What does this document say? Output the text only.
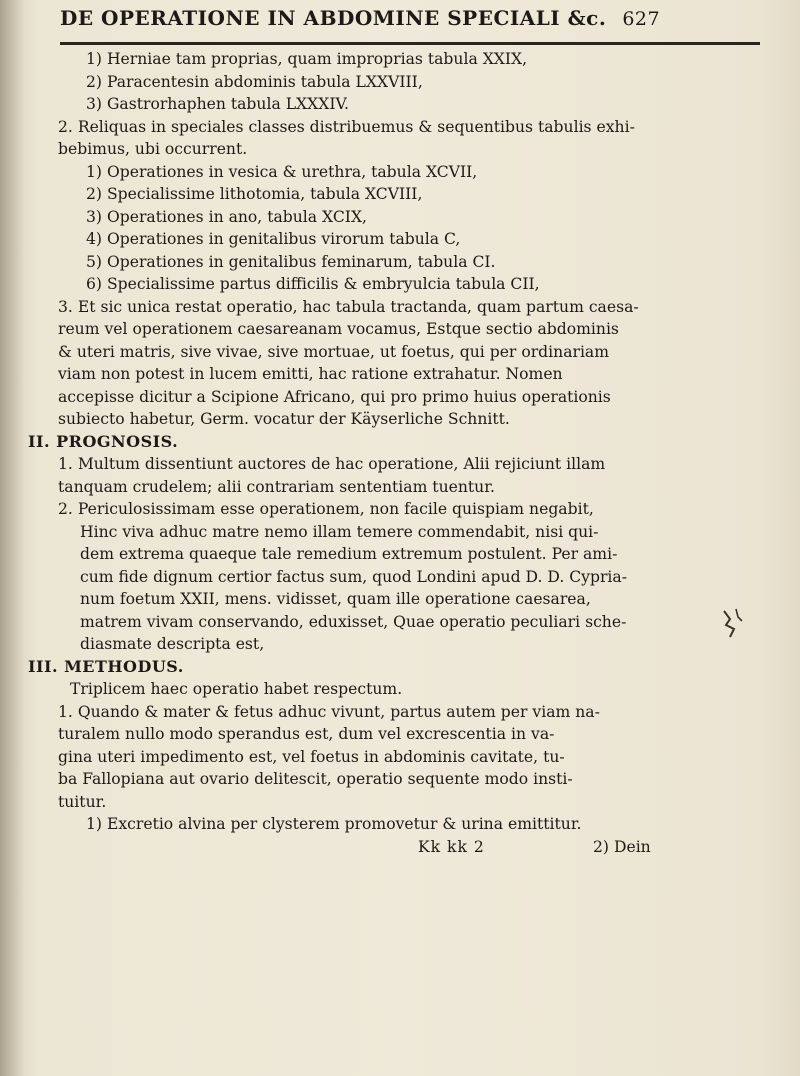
DE OPERATIONE IN ABDOMINE SPECIALI &c. 627
1) Herniae tam proprias, quam improprias tabula XXIX,
2) Paracentesin abdominis tabula LXXVIII,
3) Gastrorhaphen tabula LXXXIV.
2. Reliquas in speciales classes distribuemus & sequentibus tabulis exhi-
bebimus, ubi occurrent.
1) Operationes in vesica & urethra, tabula XCVII,
2) Specialissime lithotomia, tabula XCVIII,
3) Operationes in ano, tabula XCIX,
4) Operationes in genitalibus virorum tabula C,
5) Operationes in genitalibus feminarum, tabula CI.
6) Specialissime partus difficilis & embryulcia tabula CII,
3. Et sic unica restat operatio, hac tabula tractanda, quam partum caesa-
reum vel operationem caesareanam vocamus, Estque sectio abdominis
& uteri matris, sive vivae, sive mortuae, ut foetus, qui per ordinariam
viam non potest in lucem emitti, hac ratione extrahatur. Nomen
accepisse dicitur a Scipione Africano, qui pro primo huius operationis
subiecto habetur, Germ. vocatur der Käyserliche Schnitt.
II. PROGNOSIS.
1. Multum dissentiunt auctores de hac operatione, Alii rejiciunt illam
tanquam crudelem; alii contrariam sententiam tuentur.
2. Periculosissimam esse operationem, non facile quispiam negabit,
Hinc viva adhuc matre nemo illam temere commendabit, nisi qui-
dem extrema quaeque tale remedium extremum postulent. Per ami-
cum fide dignum certior factus sum, quod Londini apud D. D. Cypria-
num foetum XXII, mens. vidisset, quam ille operatione caesarea,
matrem vivam conservando, eduxisset, Quae operatio peculiari sche-
diasmate descripta est,
III. METHODUS.
Triplicem haec operatio habet respectum.
1. Quando & mater & fetus adhuc vivunt, partus autem per viam na-
turalem nullo modo sperandus est, dum vel excrescentia in va-
gina uteri impedimento est, vel foetus in abdominis cavitate, tu-
ba Fallopiana aut ovario delitescit, operatio sequente modo insti-
tuitur.
1) Excretio alvina per clysterem promovetur & urina emittitur.
Kk kk 2	2) Dein
